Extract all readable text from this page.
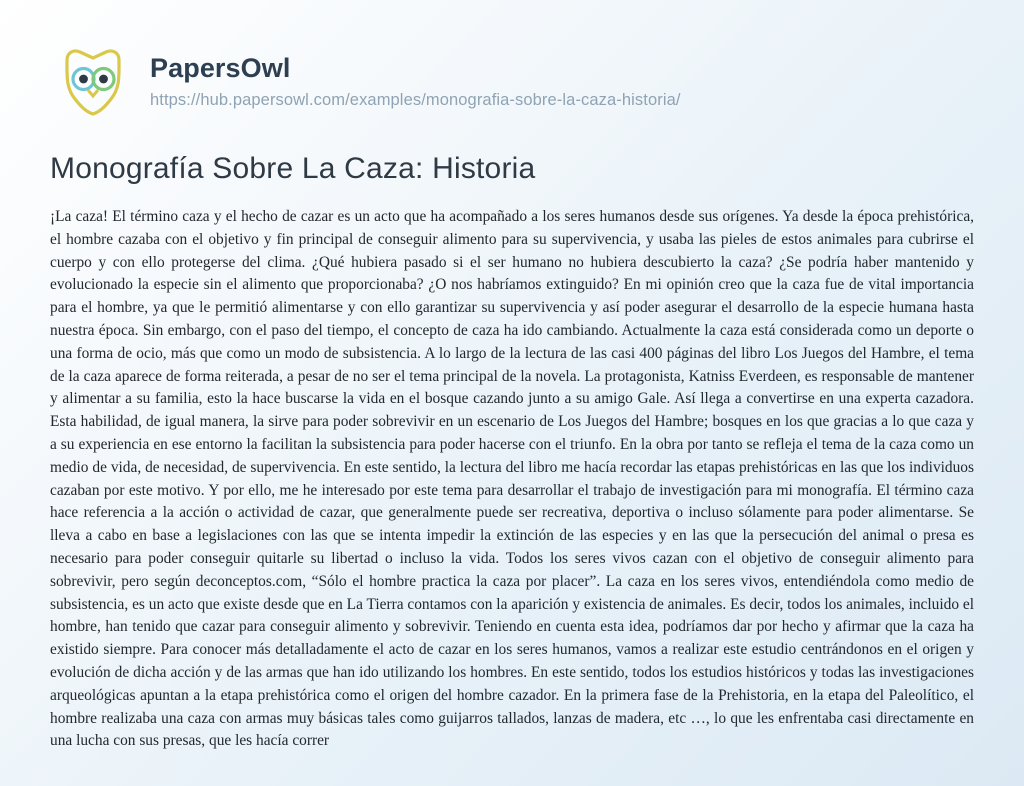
PapersOwl
https://hub.papersowl.com/examples/monografia-sobre-la-caza-historia/
Monografía Sobre La Caza: Historia

¡La caza! El término caza y el hecho de cazar es un acto que ha acompañado a los seres humanos desde sus orígenes. Ya desde la época prehistórica, el hombre cazaba con el objetivo y fin principal de conseguir alimento para su supervivencia, y usaba las pieles de estos animales para cubrirse el cuerpo y con ello protegerse del clima. ¿Qué hubiera pasado si el ser humano no hubiera descubierto la caza? ¿Se podría haber mantenido y evolucionado la especie sin el alimento que proporcionaba? ¿O nos habríamos extinguido? En mi opinión creo que la caza fue de vital importancia para el hombre, ya que le permitió alimentarse y con ello garantizar su supervivencia y así poder asegurar el desarrollo de la especie humana hasta nuestra época. Sin embargo, con el paso del tiempo, el concepto de caza ha ido cambiando. Actualmente la caza está considerada como un deporte o una forma de ocio, más que como un modo de subsistencia. A lo largo de la lectura de las casi 400 páginas del libro Los Juegos del Hambre, el tema de la caza aparece de forma reiterada, a pesar de no ser el tema principal de la novela. La protagonista, Katniss Everdeen, es responsable de mantener y alimentar a su familia, esto la hace buscarse la vida en el bosque cazando junto a su amigo Gale. Así llega a convertirse en una experta cazadora. Esta habilidad, de igual manera, la sirve para poder sobrevivir en un escenario de Los Juegos del Hambre; bosques en los que gracias a lo que caza y a su experiencia en ese entorno la facilitan la subsistencia para poder hacerse con el triunfo. En la obra por tanto se refleja el tema de la caza como un medio de vida, de necesidad, de supervivencia. En este sentido, la lectura del libro me hacía recordar las etapas prehistóricas en las que los individuos cazaban por este motivo. Y por ello, me he interesado por este tema para desarrollar el trabajo de investigación para mi monografía. El término caza hace referencia a la acción o actividad de cazar, que generalmente puede ser recreativa, deportiva o incluso sólamente para poder alimentarse. Se lleva a cabo en base a legislaciones con las que se intenta impedir la extinción de las especies y en las que la persecución del animal o presa es necesario para poder conseguir quitarle su libertad o incluso la vida. Todos los seres vivos cazan con el objetivo de conseguir alimento para sobrevivir, pero según deconceptos.com, “Sólo el hombre practica la caza por placer”. La caza en los seres vivos, entendiéndola como medio de subsistencia, es un acto que existe desde que en La Tierra contamos con la aparición y existencia de animales. Es decir, todos los animales, incluido el hombre, han tenido que cazar para conseguir alimento y sobrevivir. Teniendo en cuenta esta idea, podríamos dar por hecho y afirmar que la caza ha existido siempre. Para conocer más detalladamente el acto de cazar en los seres humanos, vamos a realizar este estudio centrándonos en el origen y evolución de dicha acción y de las armas que han ido utilizando los hombres. En este sentido, todos los estudios históricos y todas las investigaciones arqueológicas apuntan a la etapa prehistórica como el origen del hombre cazador. En la primera fase de la Prehistoria, en la etapa del Paleolítico, el hombre realizaba una caza con armas muy básicas tales como guijarros tallados, lanzas de madera, etc …, lo que les enfrentaba casi directamente en una lucha con sus presas, que les hacía correr
